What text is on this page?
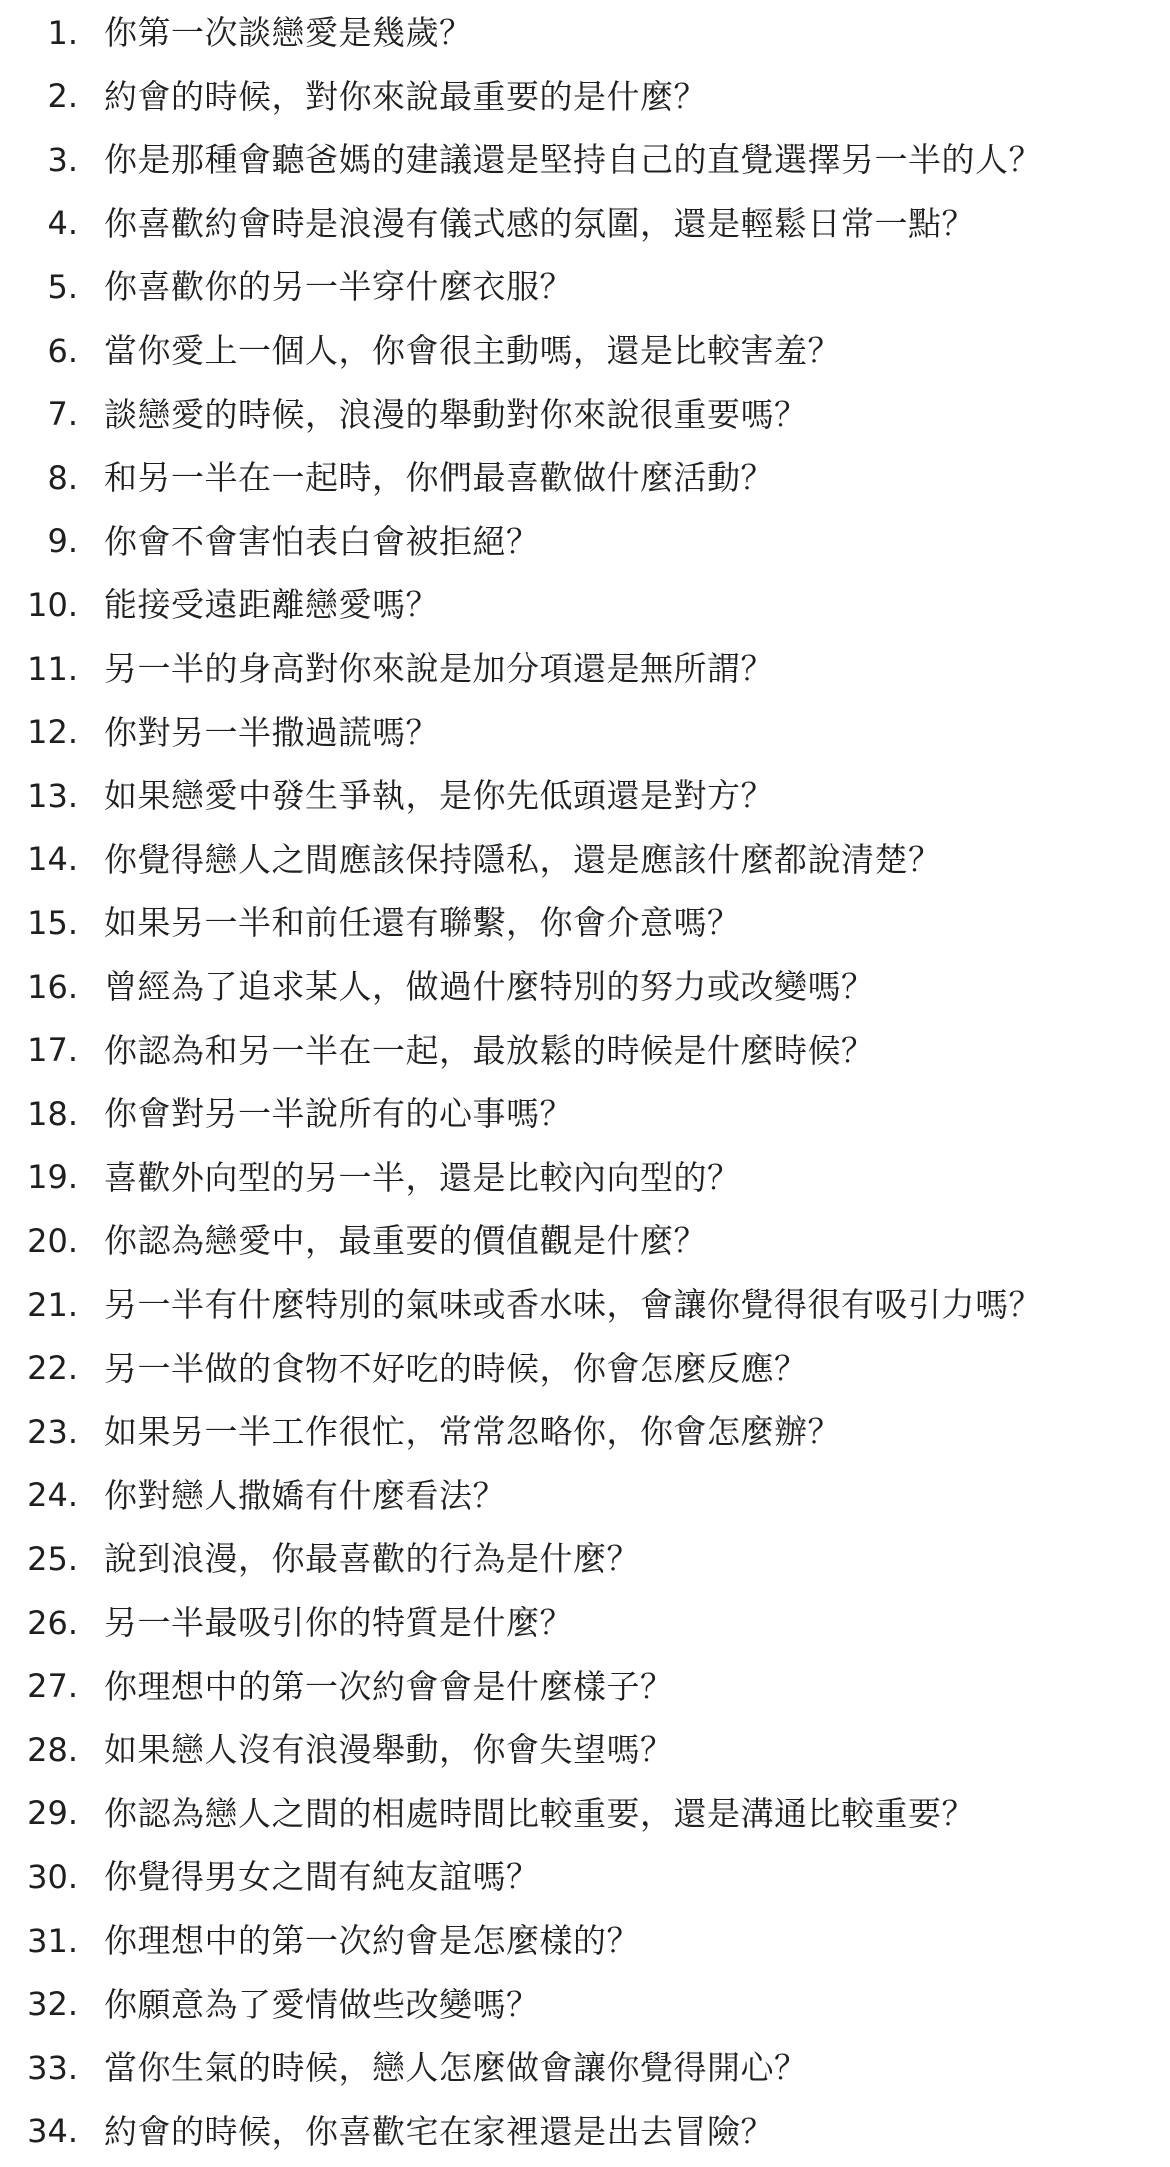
1. 你第一次談戀愛是幾歲？
2. 約會的時候，對你來說最重要的是什麼？
3. 你是那種會聽爸媽的建議還是堅持自己的直覺選擇另一半的人？
4. 你喜歡約會時是浪漫有儀式感的氛圍，還是輕鬆日常一點？
5. 你喜歡你的另一半穿什麼衣服？
6. 當你愛上一個人，你會很主動嗎，還是比較害羞？
7. 談戀愛的時候，浪漫的舉動對你來說很重要嗎？
8. 和另一半在一起時，你們最喜歡做什麼活動？
9. 你會不會害怕表白會被拒絕？
10. 能接受遠距離戀愛嗎？
11. 另一半的身高對你來說是加分項還是無所謂？
12. 你對另一半撒過謊嗎？
13. 如果戀愛中發生爭執，是你先低頭還是對方？
14. 你覺得戀人之間應該保持隱私，還是應該什麼都說清楚？
15. 如果另一半和前任還有聯繫，你會介意嗎？
16. 曾經為了追求某人，做過什麼特別的努力或改變嗎？
17. 你認為和另一半在一起，最放鬆的時候是什麼時候？
18. 你會對另一半說所有的心事嗎？
19. 喜歡外向型的另一半，還是比較內向型的？
20. 你認為戀愛中，最重要的價值觀是什麼？
21. 另一半有什麼特別的氣味或香水味，會讓你覺得很有吸引力嗎？
22. 另一半做的食物不好吃的時候，你會怎麼反應？
23. 如果另一半工作很忙，常常忽略你，你會怎麼辦？
24. 你對戀人撒嬌有什麼看法？
25. 說到浪漫，你最喜歡的行為是什麼？
26. 另一半最吸引你的特質是什麼？
27. 你理想中的第一次約會會是什麼樣子？
28. 如果戀人沒有浪漫舉動，你會失望嗎？
29. 你認為戀人之間的相處時間比較重要，還是溝通比較重要？
30. 你覺得男女之間有純友誼嗎？
31. 你理想中的第一次約會是怎麼樣的？
32. 你願意為了愛情做些改變嗎？
33. 當你生氣的時候，戀人怎麼做會讓你覺得開心？
34. 約會的時候，你喜歡宅在家裡還是出去冒險？
